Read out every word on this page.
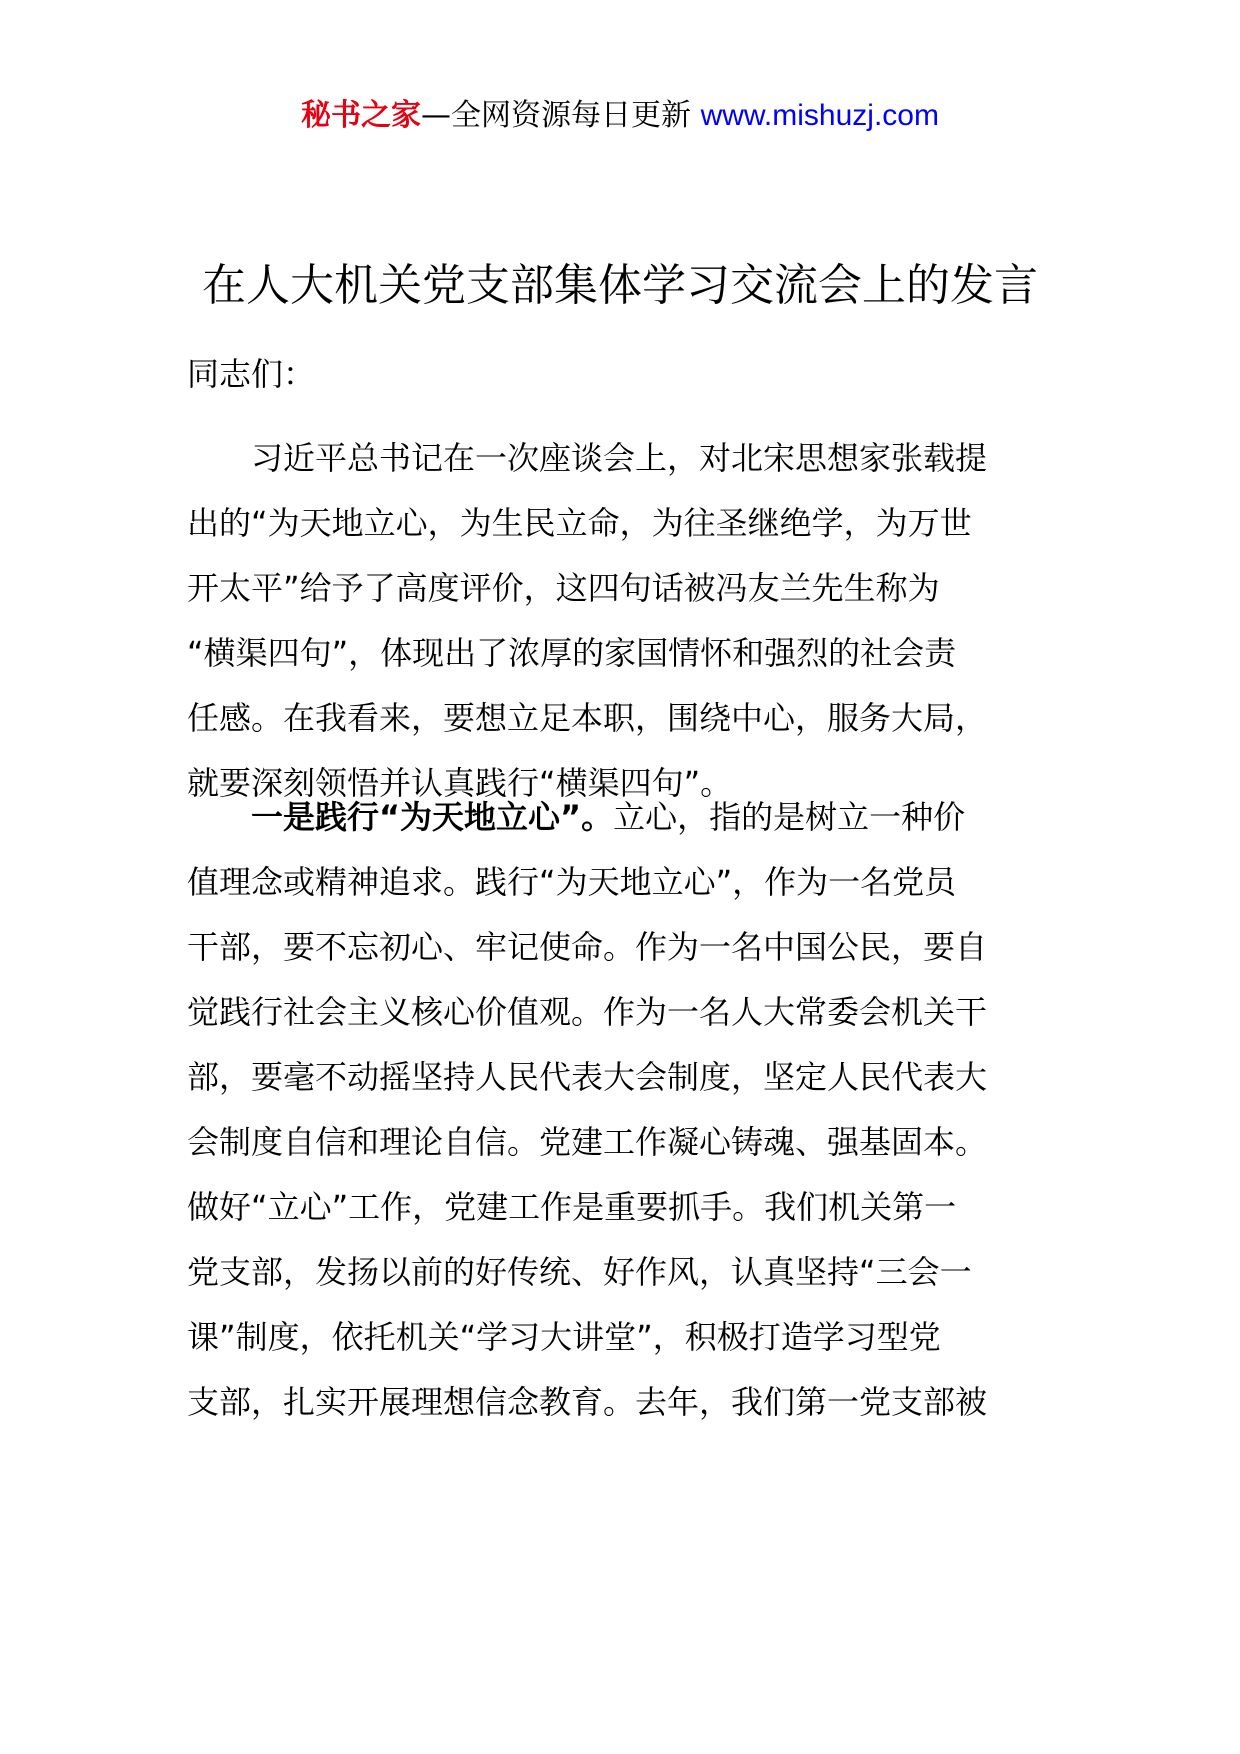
秘书之家—全网资源每日更新 www.mishuzj.com
在人大机关党支部集体学习交流会上的发言
同志们：
习近平总书记在一次座谈会上，对北宋思想家张载提
出的“为天地立心，为生民立命，为往圣继绝学，为万世
开太平”给予了高度评价，这四句话被冯友兰先生称为
“横渠四句”，体现出了浓厚的家国情怀和强烈的社会责
任感。在我看来，要想立足本职，围绕中心，服务大局，
就要深刻领悟并认真践行“横渠四句”。
一是践行“为天地立心”。立心，指的是树立一种价
值理念或精神追求。践行“为天地立心”，作为一名党员
干部，要不忘初心、牢记使命。作为一名中国公民，要自
觉践行社会主义核心价值观。作为一名人大常委会机关干
部，要毫不动摇坚持人民代表大会制度，坚定人民代表大
会制度自信和理论自信。党建工作凝心铸魂、强基固本。
做好“立心”工作，党建工作是重要抓手。我们机关第一
党支部，发扬以前的好传统、好作风，认真坚持“三会一
课”制度，依托机关“学习大讲堂”，积极打造学习型党
支部，扎实开展理想信念教育。去年，我们第一党支部被
